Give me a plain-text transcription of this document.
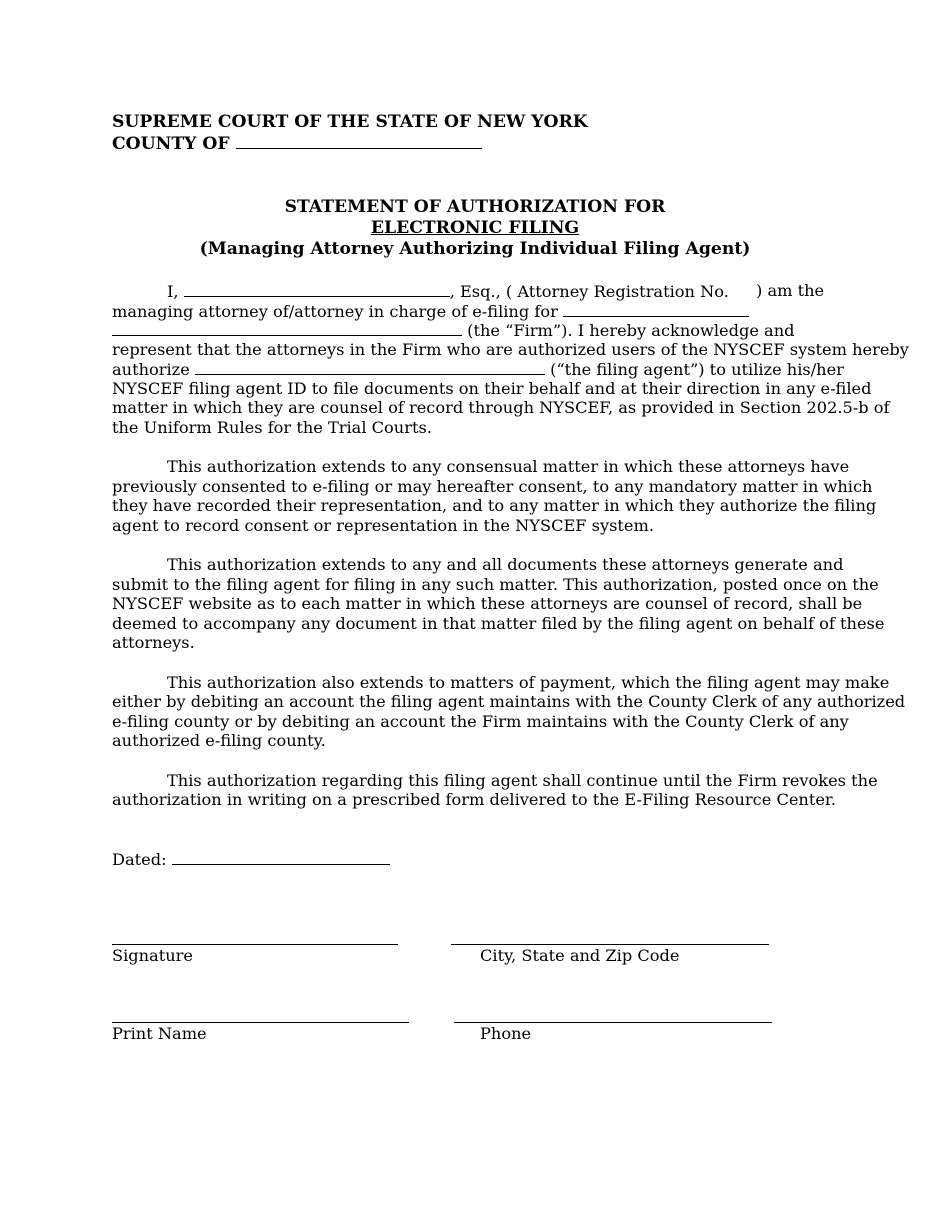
SUPREME COURT OF THE STATE OF NEW YORK

COUNTY OF

STATEMENT OF AUTHORIZATION FOR

ELECTRONIC FILING

(Managing Attorney Authorizing Individual Filing Agent)

I,	, Esq., ( Attorney Registration No. ) am the

managing attorney of/attorney in charge of e-filing for

(the “Firm”). I hereby acknowledge and

represent that the attorneys in the Firm who are authorized users of the NYSCEF system hereby

authorize	(“the filing agent”) to utilize his/her

NYSCEF filing agent ID to file documents on their behalf and at their direction in any e-filed

matter in which they are counsel of record through NYSCEF, as provided in Section 202.5-b of

the Uniform Rules for the Trial Courts.

This authorization extends to any consensual matter in which these attorneys have

previously consented to e-filing or may hereafter consent, to any mandatory matter in which

they have recorded their representation, and to any matter in which they authorize the filing

agent to record consent or representation in the NYSCEF system.

This authorization extends to any and all documents these attorneys generate and

submit to the filing agent for filing in any such matter. This authorization, posted once on the

NYSCEF website as to each matter in which these attorneys are counsel of record, shall be

deemed to accompany any document in that matter filed by the filing agent on behalf of these

attorneys.

This authorization also extends to matters of payment, which the filing agent may make

either by debiting an account the filing agent maintains with the County Clerk of any authorized

e-filing county or by debiting an account the Firm maintains with the County Clerk of any

authorized e-filing county.

This authorization regarding this filing agent shall continue until the Firm revokes the

authorization in writing on a prescribed form delivered to the E-Filing Resource Center.

Dated:

Signature	City, State and Zip Code

Print Name	Phone
